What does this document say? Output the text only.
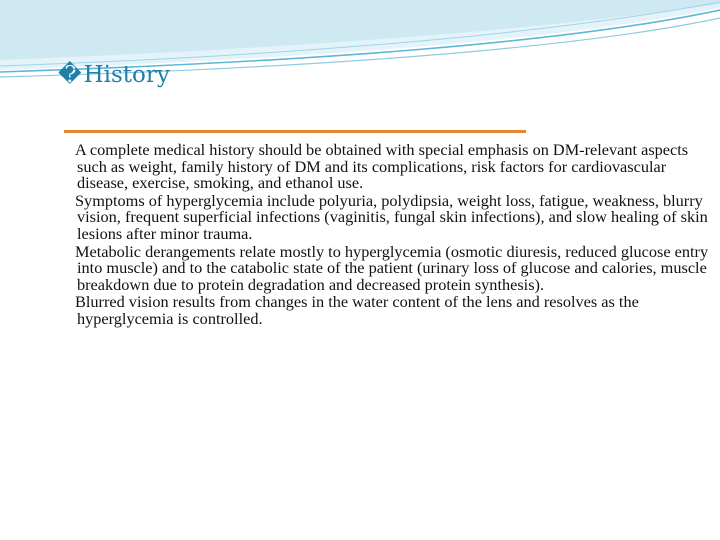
�History

A complete medical history should be obtained with special emphasis on DM-relevant aspects such as weight, family history of DM and its complications, risk factors for cardiovascular disease, exercise, smoking, and ethanol use.

Symptoms of hyperglycemia include polyuria, polydipsia, weight loss, fatigue, weakness, blurry vision, frequent superficial infections (vaginitis, fungal skin infections), and slow healing of skin lesions after minor trauma.

Metabolic derangements relate mostly to hyperglycemia (osmotic diuresis, reduced glucose entry into muscle) and to the catabolic state of the patient (urinary loss of glucose and calories, muscle breakdown due to protein degradation and decreased protein synthesis).

Blurred vision results from changes in the water content of the lens and resolves as the hyperglycemia is controlled.
